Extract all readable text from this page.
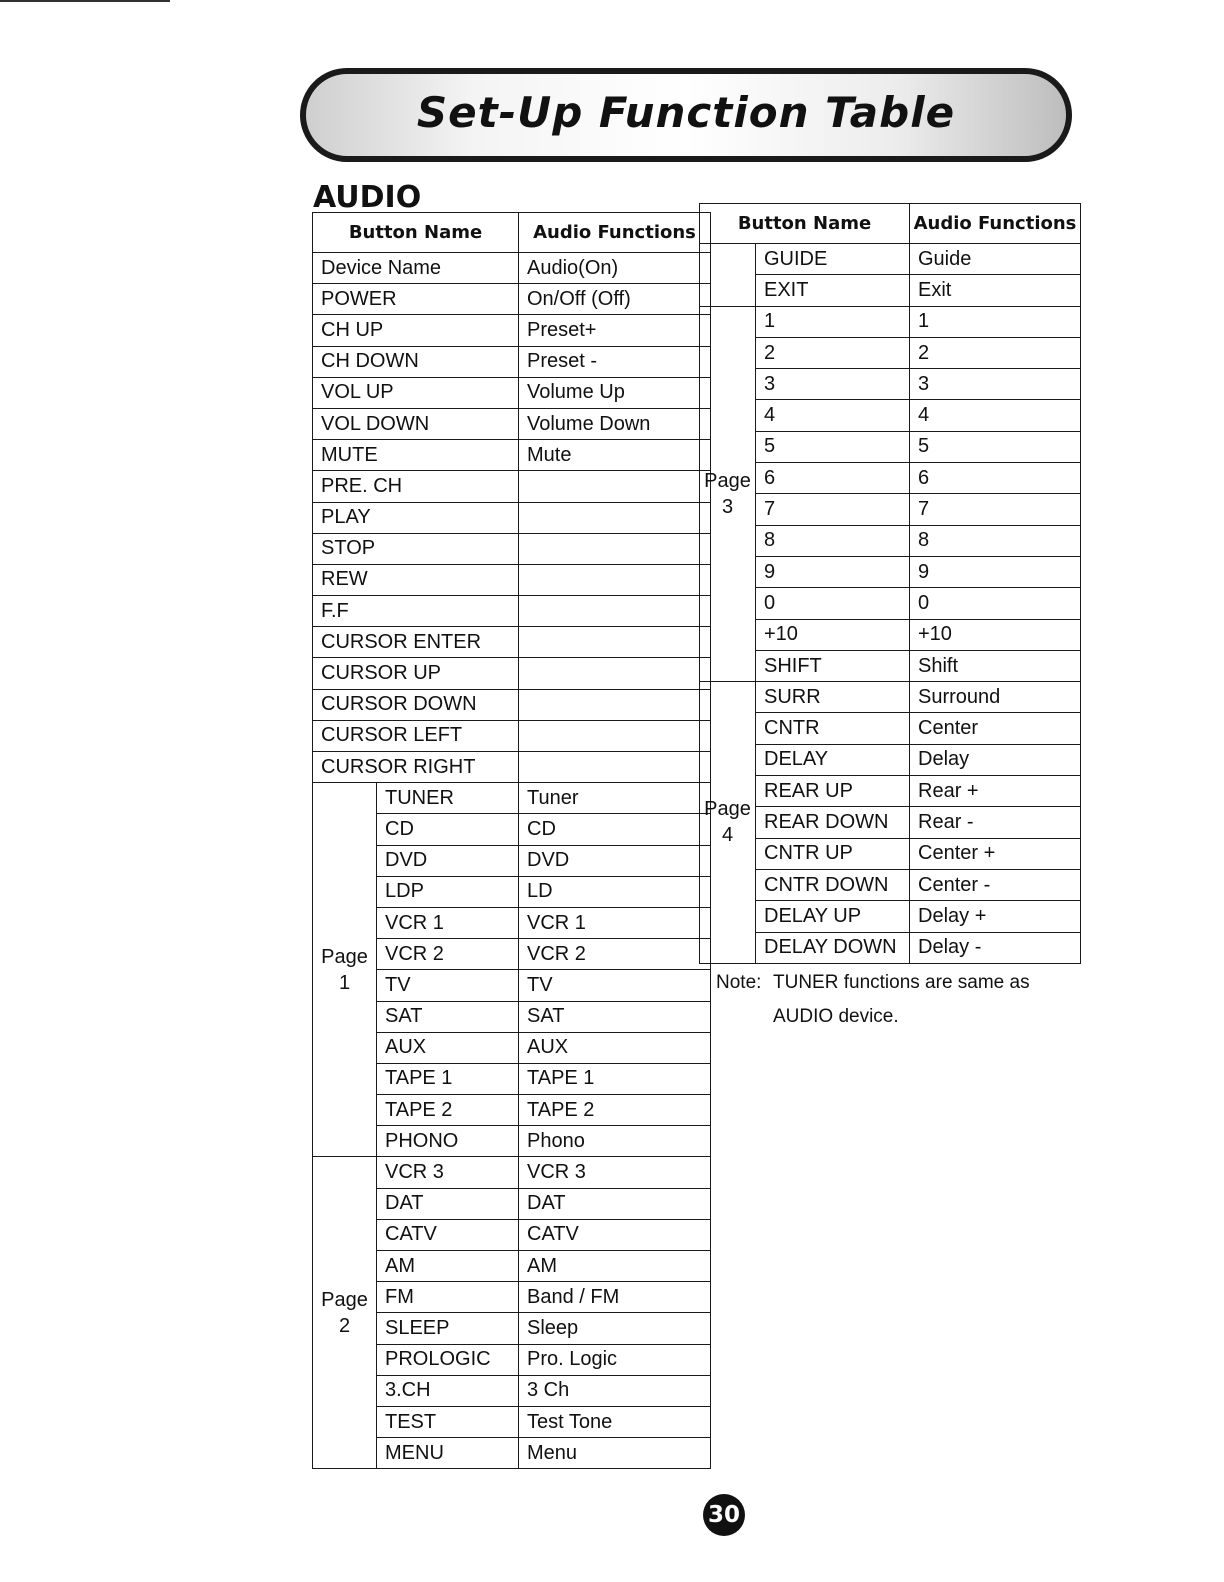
Set-Up Function Table
AUDIO
Button Name		Audio Functions
Device Name		Audio(On)
POWER		On/Off (Off)
CH UP		Preset+
CH DOWN		Preset -
VOL UP		Volume Up
VOL DOWN		Volume Down
MUTE		Mute
PRE. CH		
PLAY		
STOP		
REW		
F.F		
CURSOR ENTER		
CURSOR UP		
CURSOR DOWN		
CURSOR LEFT		
CURSOR RIGHT		

Page
1	TUNER	Tuner
	CD	CD
	DVD	DVD
	LDP	LD
	VCR 1	VCR 1
	VCR 2	VCR 2
	TV	TV
	SAT	SAT
	AUX	AUX
	TAPE 1	TAPE 1
	TAPE 2	TAPE 2
	PHONO	Phono

Page
2	VCR 3	VCR 3
	DAT	DAT
	CATV	CATV
	AM	AM
	FM	Band / FM
	SLEEP	Sleep
	PROLOGIC	Pro. Logic
	3.CH	3 Ch
	TEST	Test Tone
	MENU	Menu
Button Name		Audio Functions

	GUIDE	Guide
	EXIT	Exit

Page
3	1	1
	2	2
	3	3
	4	4
	5	5
	6	6
	7	7
	8	8
	9	9
	0	0
	+10	+10
	SHIFT	Shift

Page
4	SURR	Surround
	CNTR	Center
	DELAY	Delay
	REAR UP	Rear +
	REAR DOWN	Rear -
	CNTR UP	Center +
	CNTR DOWN	Center -
	DELAY UP	Delay +
	DELAY DOWN	Delay -
Note: TUNER functions are same as
AUDIO device.
30
